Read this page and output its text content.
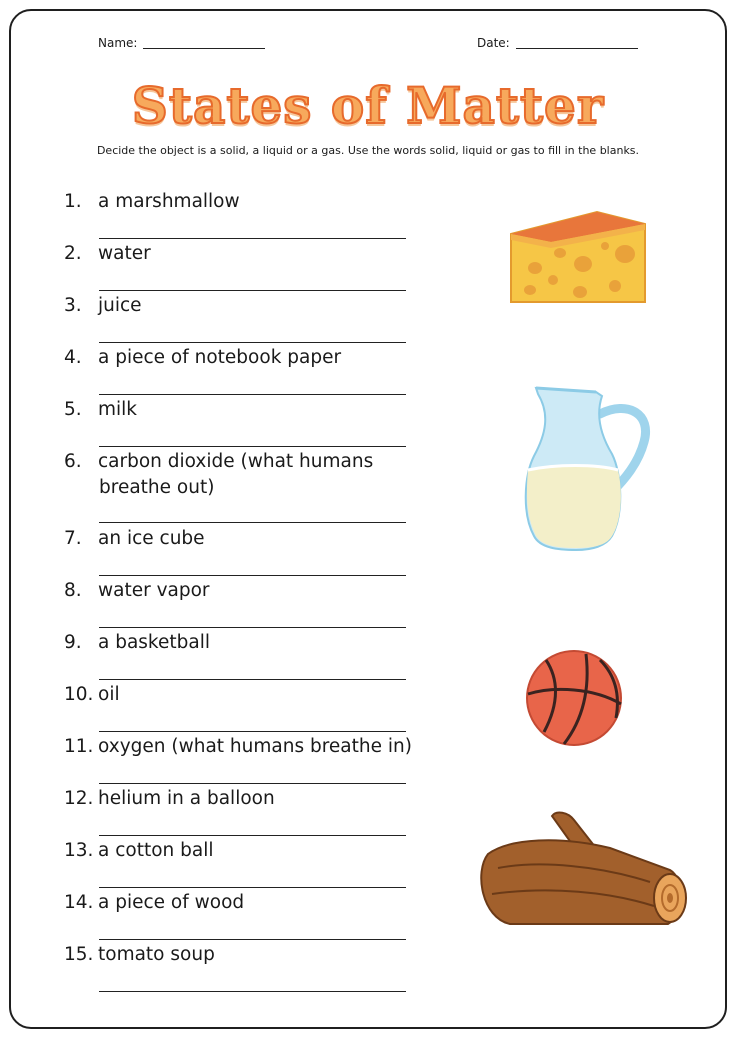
Name:	Date:
States of Matter
Decide the object is a solid, a liquid or a gas. Use the words solid, liquid or gas to fill in the blanks.
1. a marshmallow
2. water
3. juice
4. a piece of notebook paper
5. milk
6. carbon dioxide (what humans
breathe out)
7. an ice cube
8. water vapor
9. a basketball
10. oil
11. oxygen (what humans breathe in)
12. helium in a balloon
13. a cotton ball
14. a piece of wood
15. tomato soup
